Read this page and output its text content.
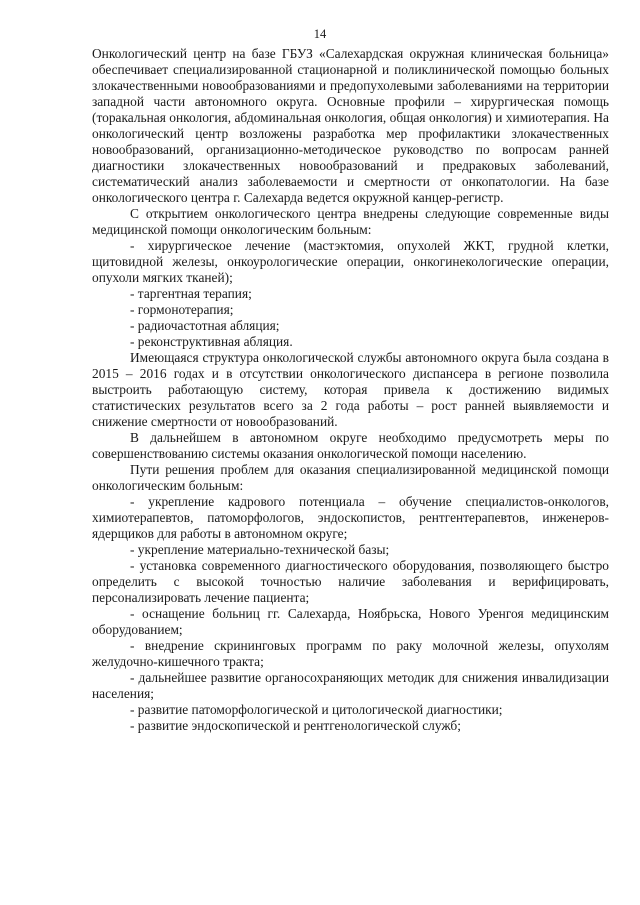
14

Онкологический центр на базе ГБУЗ «Салехардская окружная клиническая больница» обеспечивает специализированной стационарной и поликлинической помощью больных злокачественными новообразованиями и предопухолевыми заболеваниями на территории западной части автономного округа. Основные профили – хирургическая помощь (торакальная онкология, абдоминальная онкология, общая онкология) и химиотерапия. На онкологический центр возложены разработка мер профилактики злокачественных новообразований, организационно-методическое руководство по вопросам ранней диагностики злокачественных новообразований и предраковых заболеваний, систематический анализ заболеваемости и смертности от онкопатологии. На базе онкологического центра г. Салехарда ведется окружной канцер-регистр.

С открытием онкологического центра внедрены следующие современные виды медицинской помощи онкологическим больным:

- хирургическое лечение (мастэктомия, опухолей ЖКТ, грудной клетки, щитовидной железы, онкоурологические операции, онкогинекологические операции, опухоли мягких тканей);

- таргентная терапия;

- гормонотерапия;

- радиочастотная абляция;

- реконструктивная абляция.

Имеющаяся структура онкологической службы автономного округа была создана в 2015 – 2016 годах и в отсутствии онкологического диспансера в регионе позволила выстроить работающую систему, которая привела к достижению видимых статистических результатов всего за 2 года работы – рост ранней выявляемости и снижение смертности от новообразований.

В дальнейшем в автономном округе необходимо предусмотреть меры по совершенствованию системы оказания онкологической помощи населению.

Пути решения проблем для оказания специализированной медицинской помощи онкологическим больным:

- укрепление кадрового потенциала – обучение специалистов-онкологов, химиотерапевтов, патоморфологов, эндоскопистов, рентгентерапевтов, инженеров-ядерщиков для работы в автономном округе;

- укрепление материально-технической базы;

- установка современного диагностического оборудования, позволяющего быстро определить с высокой точностью наличие заболевания и верифицировать, персонализировать лечение пациента;

- оснащение больниц гг. Салехарда, Ноябрьска, Нового Уренгоя медицинским оборудованием;

- внедрение скрининговых программ по раку молочной железы, опухолям желудочно-кишечного тракта;

- дальнейшее развитие органосохраняющих методик для снижения инвалидизации населения;

- развитие патоморфологической и цитологической диагностики;

- развитие эндоскопической и рентгенологической служб;
